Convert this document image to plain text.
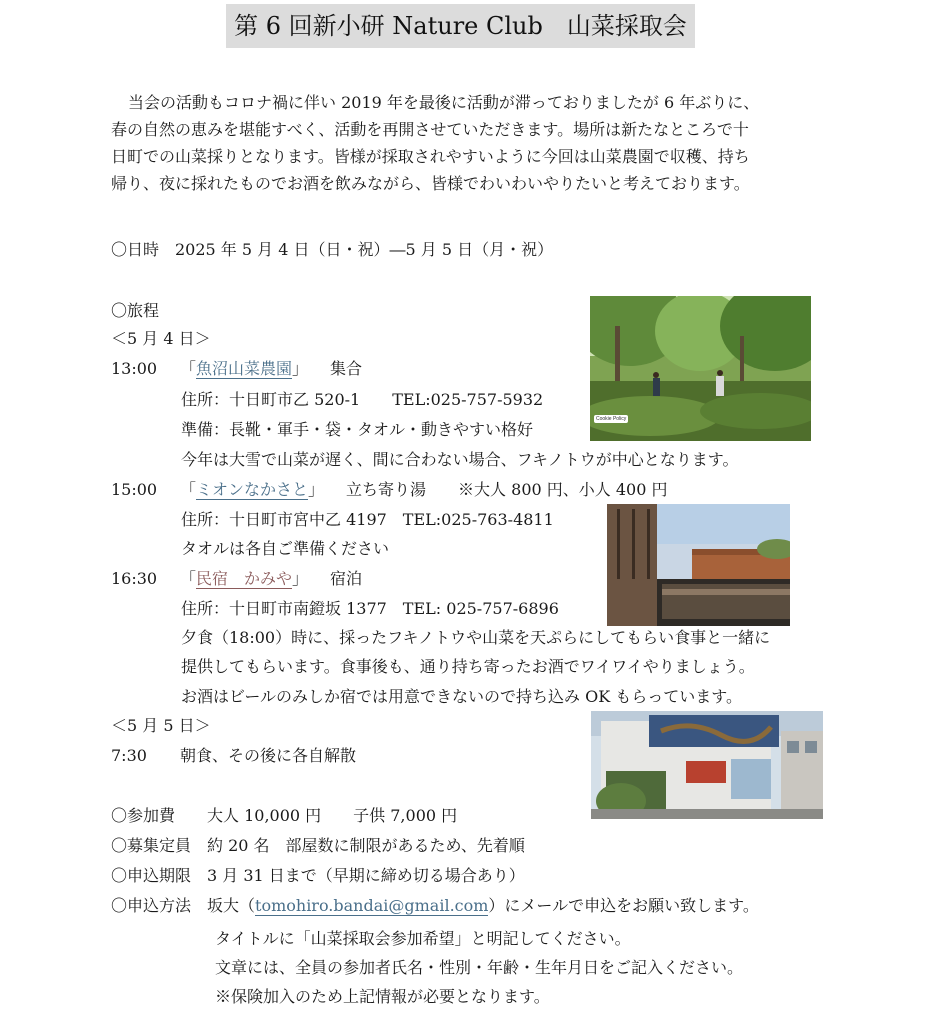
第 6 回新小研 Nature Club　山菜採取会
当会の活動もコロナ禍に伴い 2019 年を最後に活動が滞っておりましたが 6 年ぶりに、
春の自然の恵みを堪能すべく、活動を再開させていただきます。場所は新たなところで十
日町での山菜採りとなります。皆様が採取されやすいように今回は山菜農園で収穫、持ち
帰り、夜に採れたものでお酒を飲みながら、皆様でわいわいやりたいと考えております。
〇日時　2025 年 5 月 4 日（日・祝）―5 月 5 日（月・祝）
〇旅程
＜5 月 4 日＞
13:00 「魚沼山菜農園」 集合
住所：十日町市乙 520-1　　TEL:025-757-5932
準備：長靴・軍手・袋・タオル・動きやすい格好
今年は大雪で山菜が遅く、間に合わない場合、フキノトウが中心となります。
15:00 「ミオンなかさと」 立ち寄り湯　　※大人 800 円、小人 400 円
住所：十日町市宮中乙 4197　TEL:025-763-4811
タオルは各自ご準備ください
16:30 「民宿　かみや」 宿泊
住所：十日町市南鐙坂 1377　TEL: 025-757-6896
夕食（18:00）時に、採ったフキノトウや山菜を天ぷらにしてもらい食事と一緒に
提供してもらいます。食事後も、通り持ち寄ったお酒でワイワイやりましょう。
お酒はビールのみしか宿では用意できないので持ち込み OK もらっています。
＜5 月 5 日＞
7:30 朝食、その後に各自解散
〇参加費　　大人 10,000 円　　子供 7,000 円
〇募集定員　約 20 名　部屋数に制限があるため、先着順
〇申込期限　3 月 31 日まで（早期に締め切る場合あり）
〇申込方法　坂大（tomohiro.bandai@gmail.com）にメールで申込をお願い致します。
タイトルに「山菜採取会参加希望」と明記してください。
文章には、全員の参加者氏名・性別・年齢・生年月日をご記入ください。
※保険加入のため上記情報が必要となります。
Cookie Policy
